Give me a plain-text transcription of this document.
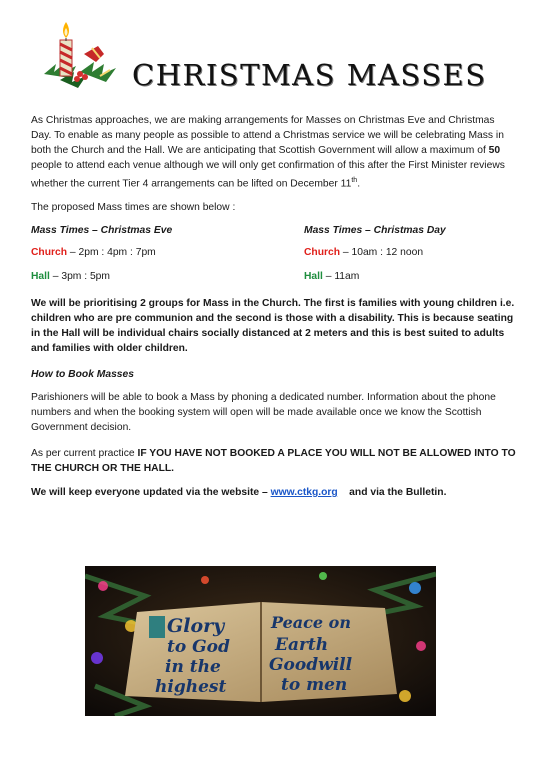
CHRISTMAS MASSES

As Christmas approaches, we are making arrangements for Masses on Christmas Eve and Christmas Day. To enable as many people as possible to attend a Christmas service we will be celebrating Mass in both the Church and the Hall. We are anticipating that Scottish Government will allow a maximum of 50 people to attend each venue although we will only get confirmation of this after the First Minister reviews whether the current Tier 4 arrangements can be lifted on December 11th.

The proposed Mass times are shown below :

Mass Times – Christmas Eve
Church – 2pm : 4pm : 7pm
Hall – 3pm : 5pm
Mass Times – Christmas Day
Church – 10am : 12 noon
Hall – 11am

We will be prioritising 2 groups for Mass in the Church. The first is families with young children i.e. children who are pre communion and the second is those with a disability. This is because seating in the Hall will be individual chairs socially distanced at 2 meters and this is best suited to adults and families with older children.

How to Book Masses

Parishioners will be able to book a Mass by phoning a dedicated number. Information about the phone numbers and when the booking system will open will be made available once we know the Scottish Government decision.

As per current practice IF YOU HAVE NOT BOOKED A PLACE YOU WILL NOT BE ALLOWED INTO TO THE CHURCH OR THE HALL.

We will keep everyone updated via the website – www.ctkg.org    and via the Bulletin.

Glory	Peace on
to God	Earth
in the	Goodwill
highest	to men
